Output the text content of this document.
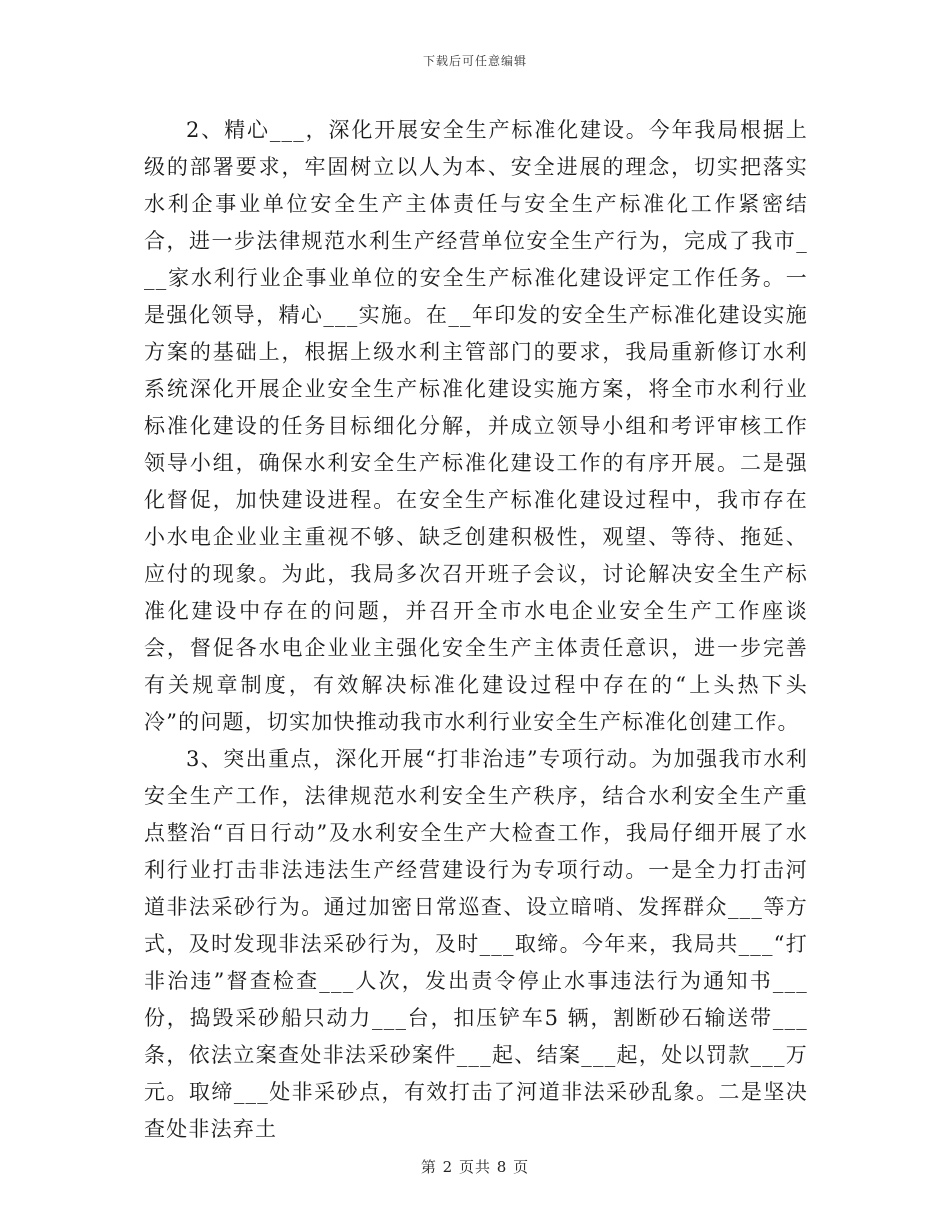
下载后可任意编辑

2、精心___，深化开展安全生产标准化建设。今年我局根据上级的部署要求，牢固树立以人为本、安全进展的理念，切实把落实水利企事业单位安全生产主体责任与安全生产标准化工作紧密结合，进一步法律规范水利生产经营单位安全生产行为，完成了我市___家水利行业企事业单位的安全生产标准化建设评定工作任务。一是强化领导，精心___实施。在__年印发的安全生产标准化建设实施方案的基础上，根据上级水利主管部门的要求，我局重新修订水利系统深化开展企业安全生产标准化建设实施方案，将全市水利行业标准化建设的任务目标细化分解，并成立领导小组和考评审核工作领导小组，确保水利安全生产标准化建设工作的有序开展。二是强化督促，加快建设进程。在安全生产标准化建设过程中，我市存在小水电企业业主重视不够、缺乏创建积极性，观望、等待、拖延、应付的现象。为此，我局多次召开班子会议，讨论解决安全生产标准化建设中存在的问题，并召开全市水电企业安全生产工作座谈会，督促各水电企业业主强化安全生产主体责任意识，进一步完善有关规章制度，有效解决标准化建设过程中存在的“上头热下头冷”的问题，切实加快推动我市水利行业安全生产标准化创建工作。

3、突出重点，深化开展“打非治违”专项行动。为加强我市水利安全生产工作，法律规范水利安全生产秩序，结合水利安全生产重点整治“百日行动”及水利安全生产大检查工作，我局仔细开展了水利行业打击非法违法生产经营建设行为专项行动。一是全力打击河道非法采砂行为。通过加密日常巡查、设立暗哨、发挥群众___等方式，及时发现非法采砂行为，及时___取缔。今年来，我局共___“打非治违”督查检查___人次，发出责令停止水事违法行为通知书___份，捣毁采砂船只动力___台，扣压铲车5 辆，割断砂石输送带___条，依法立案查处非法采砂案件___起、结案___起，处以罚款___万元。取缔___处非采砂点，有效打击了河道非法采砂乱象。二是坚决查处非法弃土

第 2 页共 8 页
